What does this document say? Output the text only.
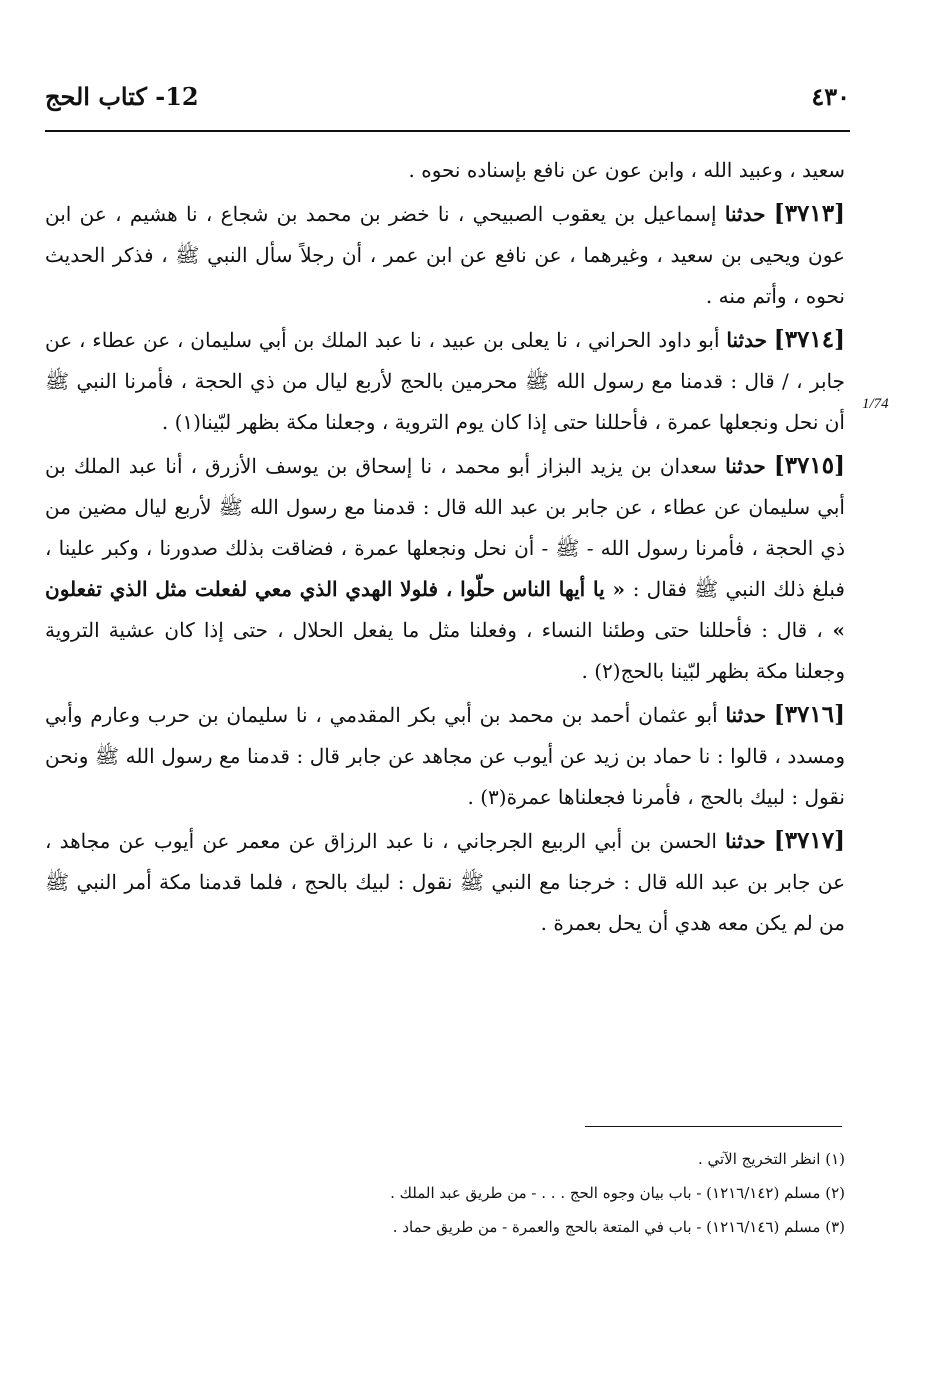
12- كتاب الحج	٤٣٠
1/74

سعيد ، وعبيد الله ، وابن عون عن نافع بإسناده نحوه .

[٣٧١٣] حدثنا إسماعيل بن يعقوب الصبيحي ، نا خضر بن محمد بن شجاع ، نا هشيم ، عن ابن عون ويحيى بن سعيد ، وغيرهما ، عن نافع عن ابن عمر ، أن رجلاً سأل النبي ﷺ ، فذكر الحديث نحوه ، وأتم منه .

[٣٧١٤] حدثنا أبو داود الحراني ، نا يعلى بن عبيد ، نا عبد الملك بن أبي سليمان ، عن عطاء ، عن جابر ، / قال : قدمنا مع رسول الله ﷺ محرمين بالحج لأربع ليال من ذي الحجة ، فأمرنا النبي ﷺ أن نحل ونجعلها عمرة ، فأحللنا حتى إذا كان يوم التروية ، وجعلنا مكة بظهر لبّينا(١) .

[٣٧١٥] حدثنا سعدان بن يزيد البزاز أبو محمد ، نا إسحاق بن يوسف الأزرق ، أنا عبد الملك بن أبي سليمان عن عطاء ، عن جابر بن عبد الله قال : قدمنا مع رسول الله ﷺ لأربع ليال مضين من ذي الحجة ، فأمرنا رسول الله - ﷺ - أن نحل ونجعلها عمرة ، فضاقت بذلك صدورنا ، وكبر علينا ، فبلغ ذلك النبي ﷺ فقال : « يا أيها الناس حلّوا ، فلولا الهدي الذي معي لفعلت مثل الذي تفعلون » ، قال : فأحللنا حتى وطئنا النساء ، وفعلنا مثل ما يفعل الحلال ، حتى إذا كان عشية التروية وجعلنا مكة بظهر لبّينا بالحج(٢) .

[٣٧١٦] حدثنا أبو عثمان أحمد بن محمد بن أبي بكر المقدمي ، نا سليمان بن حرب وعارم وأبي ومسدد ، قالوا : نا حماد بن زيد عن أيوب عن مجاهد عن جابر قال : قدمنا مع رسول الله ﷺ ونحن نقول : لبيك بالحج ، فأمرنا فجعلناها عمرة(٣) .

[٣٧١٧] حدثنا الحسن بن أبي الربيع الجرجاني ، نا عبد الرزاق عن معمر عن أيوب عن مجاهد ، عن جابر بن عبد الله قال : خرجنا مع النبي ﷺ نقول : لبيك بالحج ، فلما قدمنا مكة أمر النبي ﷺ من لم يكن معه هدي أن يحل بعمرة .

(١) انظر التخريج الآتي .

(٢) مسلم (١٢١٦/١٤٢) - باب بيان وجوه الحج . . . - من طريق عبد الملك .

(٣) مسلم (١٢١٦/١٤٦) - باب في المتعة بالحج والعمرة - من طريق حماد .
